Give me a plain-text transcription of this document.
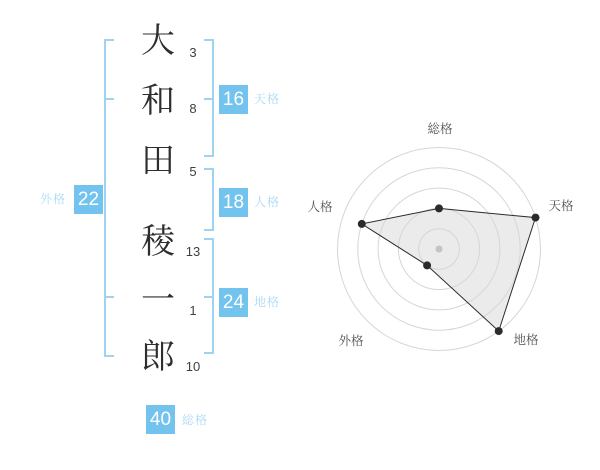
大
和
田
稜
一
郎
3
8
5
13
1
10
16 天格
18 人格
24 地格
22
外格
40 総格
総格
天格
地格
外格
人格
